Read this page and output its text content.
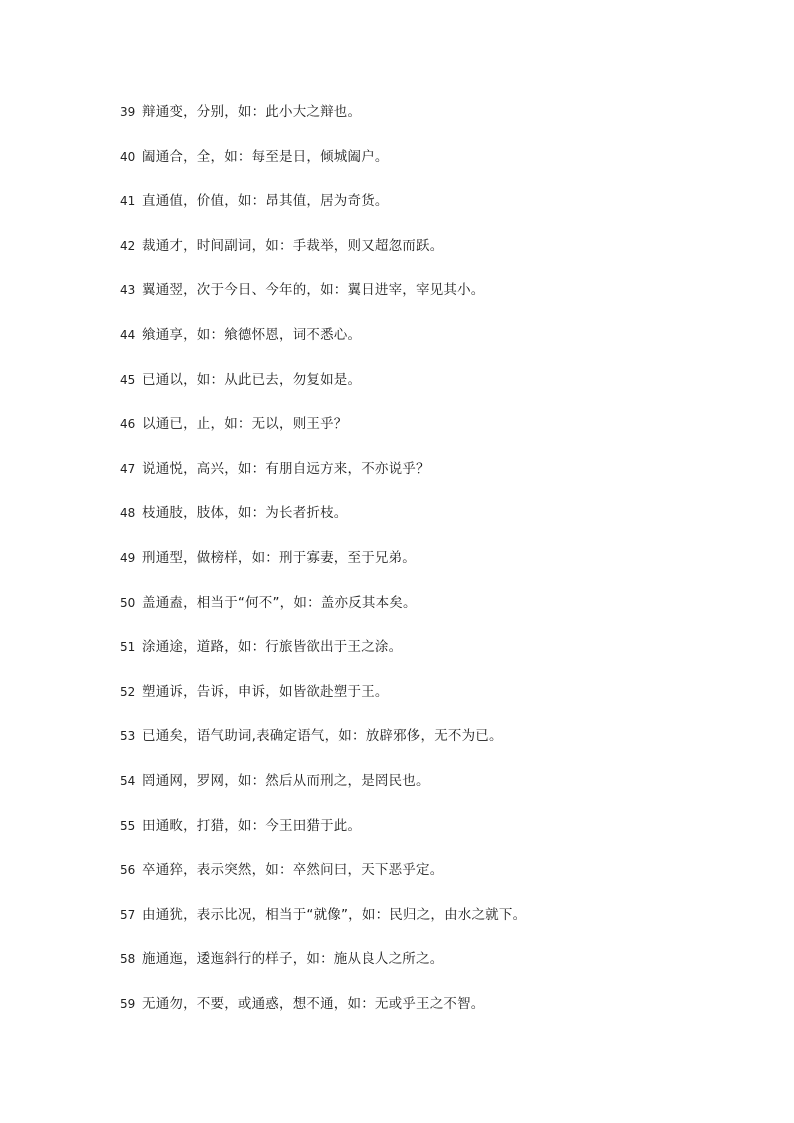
39 辩通变，分别，如：此小大之辩也。
40 阖通合，全，如：每至是日，倾城阖户。
41 直通值，价值，如：昂其值，居为奇货。
42 裁通才，时间副词，如：手裁举，则又超忽而跃。
43 翼通翌，次于今日、今年的，如：翼日进宰，宰见其小。
44 飨通享，如：飨德怀恩，词不悉心。
45 已通以，如：从此已去，勿复如是。
46 以通已，止，如：无以，则王乎？
47 说通悦，高兴，如：有朋自远方来，不亦说乎？
48 枝通肢，肢体，如：为长者折枝。
49 刑通型，做榜样，如：刑于寡妻，至于兄弟。
50 盖通盍，相当于“何不”，如：盖亦反其本矣。
51 涂通途，道路，如：行旅皆欲出于王之涂。
52 塑通诉，告诉，申诉，如皆欲赴塑于王。
53 已通矣，语气助词,表确定语气，如：放辟邪侈，无不为已。
54 罔通网，罗网，如：然后从而刑之，是罔民也。
55 田通畋，打猎，如：今王田猎于此。
56 卒通猝，表示突然，如：卒然问曰，天下恶乎定。
57 由通犹，表示比况，相当于“就像”，如：民归之，由水之就下。
58 施通迤，逶迤斜行的样子，如：施从良人之所之。
59 无通勿，不要，或通惑，想不通，如：无或乎王之不智。
